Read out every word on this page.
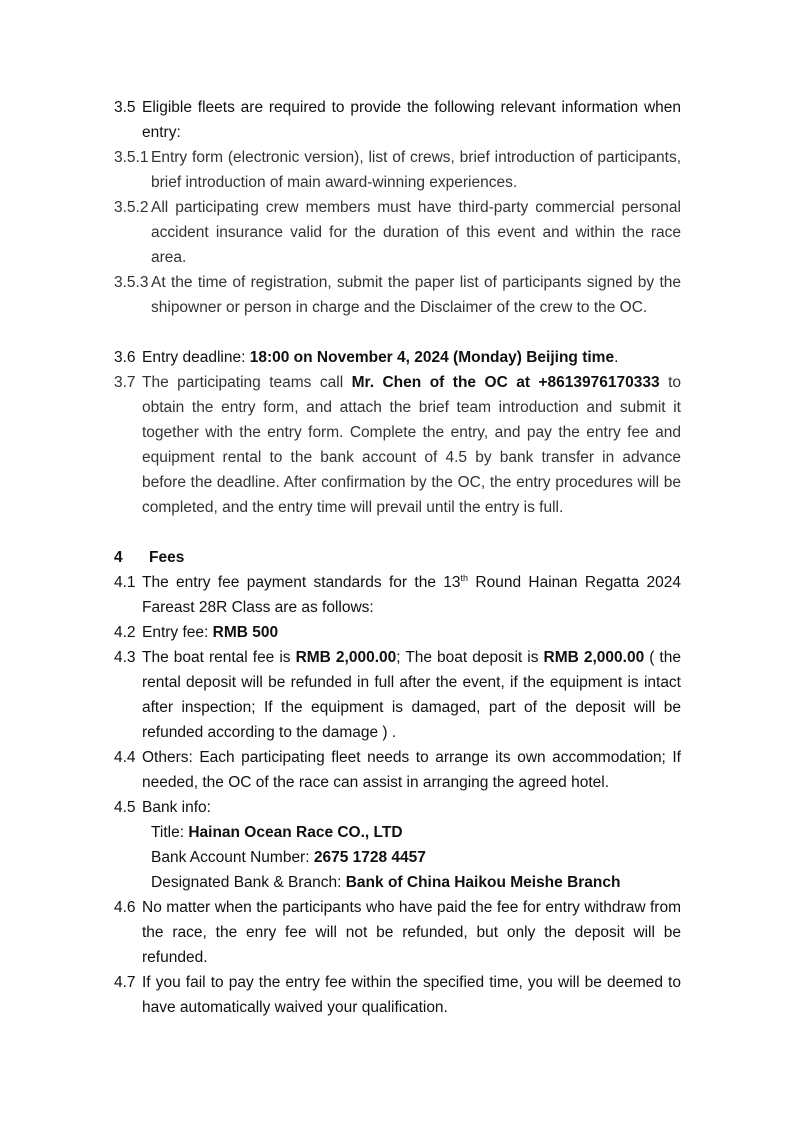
3.5 Eligible fleets are required to provide the following relevant information when entry:
3.5.1 Entry form (electronic version), list of crews, brief introduction of participants, brief introduction of main award-winning experiences.
3.5.2 All participating crew members must have third-party commercial personal accident insurance valid for the duration of this event and within the race area.
3.5.3 At the time of registration, submit the paper list of participants signed by the shipowner or person in charge and the Disclaimer of the crew to the OC.
3.6 Entry deadline: 18:00 on November 4, 2024 (Monday) Beijing time.
3.7 The participating teams call Mr. Chen of the OC at +8613976170333 to obtain the entry form, and attach the brief team introduction and submit it together with the entry form. Complete the entry, and pay the entry fee and equipment rental to the bank account of 4.5 by bank transfer in advance before the deadline. After confirmation by the OC, the entry procedures will be completed, and the entry time will prevail until the entry is full.
4 Fees
4.1 The entry fee payment standards for the 13th Round Hainan Regatta 2024 Fareast 28R Class are as follows:
4.2 Entry fee: RMB 500
4.3 The boat rental fee is RMB 2,000.00; The boat deposit is RMB 2,000.00 ( the rental deposit will be refunded in full after the event, if the equipment is intact after inspection; If the equipment is damaged, part of the deposit will be refunded according to the damage ) .
4.4 Others: Each participating fleet needs to arrange its own accommodation; If needed, the OC of the race can assist in arranging the agreed hotel.
4.5 Bank info:
Title: Hainan Ocean Race CO., LTD
Bank Account Number: 2675 1728 4457
Designated Bank & Branch: Bank of China Haikou Meishe Branch
4.6 No matter when the participants who have paid the fee for entry withdraw from the race, the enry fee will not be refunded, but only the deposit will be refunded.
4.7 If you fail to pay the entry fee within the specified time, you will be deemed to have automatically waived your qualification.
